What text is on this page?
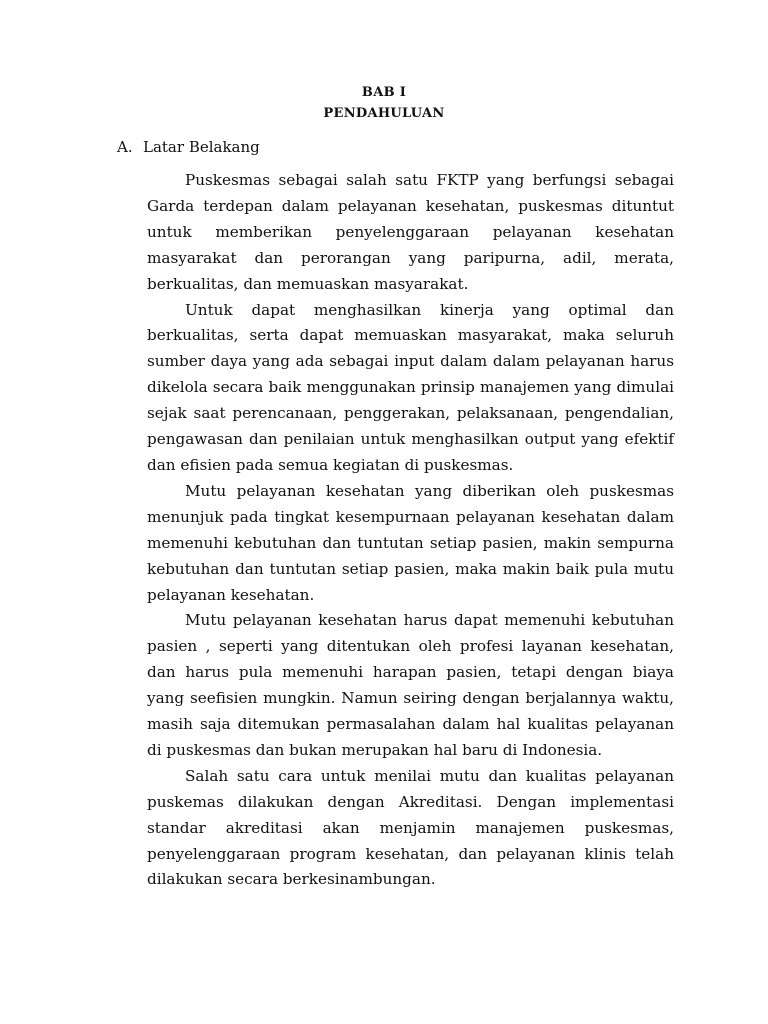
BAB I
PENDAHULUAN
A. Latar Belakang

Puskesmas sebagai salah satu FKTP yang berfungsi sebagai Garda terdepan dalam pelayanan kesehatan, puskesmas dituntut untuk memberikan penyelenggaraan pelayanan kesehatan masyarakat dan perorangan yang paripurna, adil, merata, berkualitas, dan memuaskan masyarakat.

Untuk dapat menghasilkan kinerja yang optimal dan berkualitas, serta dapat memuaskan masyarakat, maka seluruh sumber daya yang ada sebagai input dalam dalam pelayanan harus dikelola secara baik menggunakan prinsip manajemen yang dimulai sejak saat perencanaan, penggerakan, pelaksanaan, pengendalian, pengawasan dan penilaian untuk menghasilkan output yang efektif dan efisien pada semua kegiatan di puskesmas.

Mutu pelayanan kesehatan yang diberikan oleh puskesmas menunjuk pada tingkat kesempurnaan pelayanan kesehatan dalam memenuhi kebutuhan dan tuntutan setiap pasien, makin sempurna kebutuhan dan tuntutan setiap pasien, maka makin baik pula mutu pelayanan kesehatan.

Mutu pelayanan kesehatan harus dapat memenuhi kebutuhan pasien , seperti yang ditentukan oleh profesi layanan kesehatan, dan harus pula memenuhi harapan pasien, tetapi dengan biaya yang seefisien mungkin. Namun seiring dengan berjalannya waktu, masih saja ditemukan permasalahan dalam hal kualitas pelayanan di puskesmas dan bukan merupakan hal baru di Indonesia.

Salah satu cara untuk menilai mutu dan kualitas pelayanan puskemas dilakukan dengan Akreditasi. Dengan implementasi standar akreditasi akan menjamin manajemen puskesmas, penyelenggaraan program kesehatan, dan pelayanan klinis telah dilakukan secara berkesinambungan.
